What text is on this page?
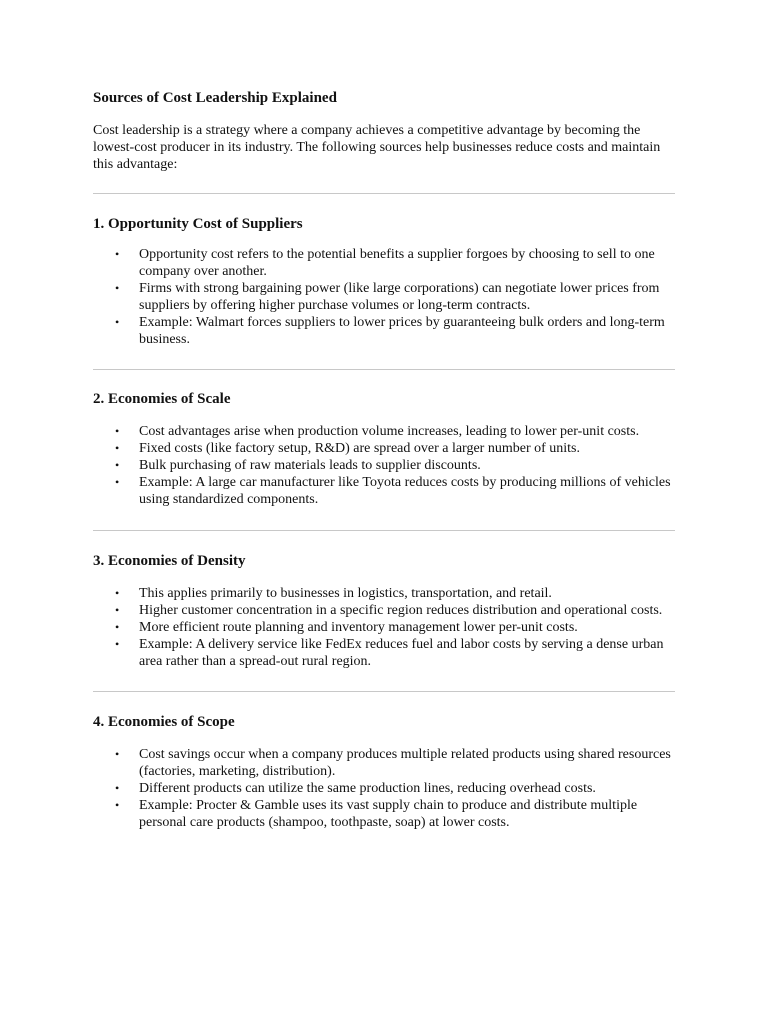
Sources of Cost Leadership Explained

Cost leadership is a strategy where a company achieves a competitive advantage by becoming the lowest-cost producer in its industry. The following sources help businesses reduce costs and maintain this advantage:

1. Opportunity Cost of Suppliers
• Opportunity cost refers to the potential benefits a supplier forgoes by choosing to sell to one company over another.
• Firms with strong bargaining power (like large corporations) can negotiate lower prices from suppliers by offering higher purchase volumes or long-term contracts.
• Example: Walmart forces suppliers to lower prices by guaranteeing bulk orders and long-term business.
2. Economies of Scale
• Cost advantages arise when production volume increases, leading to lower per-unit costs.
• Fixed costs (like factory setup, R&D) are spread over a larger number of units.
• Bulk purchasing of raw materials leads to supplier discounts.
• Example: A large car manufacturer like Toyota reduces costs by producing millions of vehicles using standardized components.
3. Economies of Density
• This applies primarily to businesses in logistics, transportation, and retail.
• Higher customer concentration in a specific region reduces distribution and operational costs.
• More efficient route planning and inventory management lower per-unit costs.
• Example: A delivery service like FedEx reduces fuel and labor costs by serving a dense urban area rather than a spread-out rural region.
4. Economies of Scope
• Cost savings occur when a company produces multiple related products using shared resources (factories, marketing, distribution).
• Different products can utilize the same production lines, reducing overhead costs.
• Example: Procter & Gamble uses its vast supply chain to produce and distribute multiple personal care products (shampoo, toothpaste, soap) at lower costs.
